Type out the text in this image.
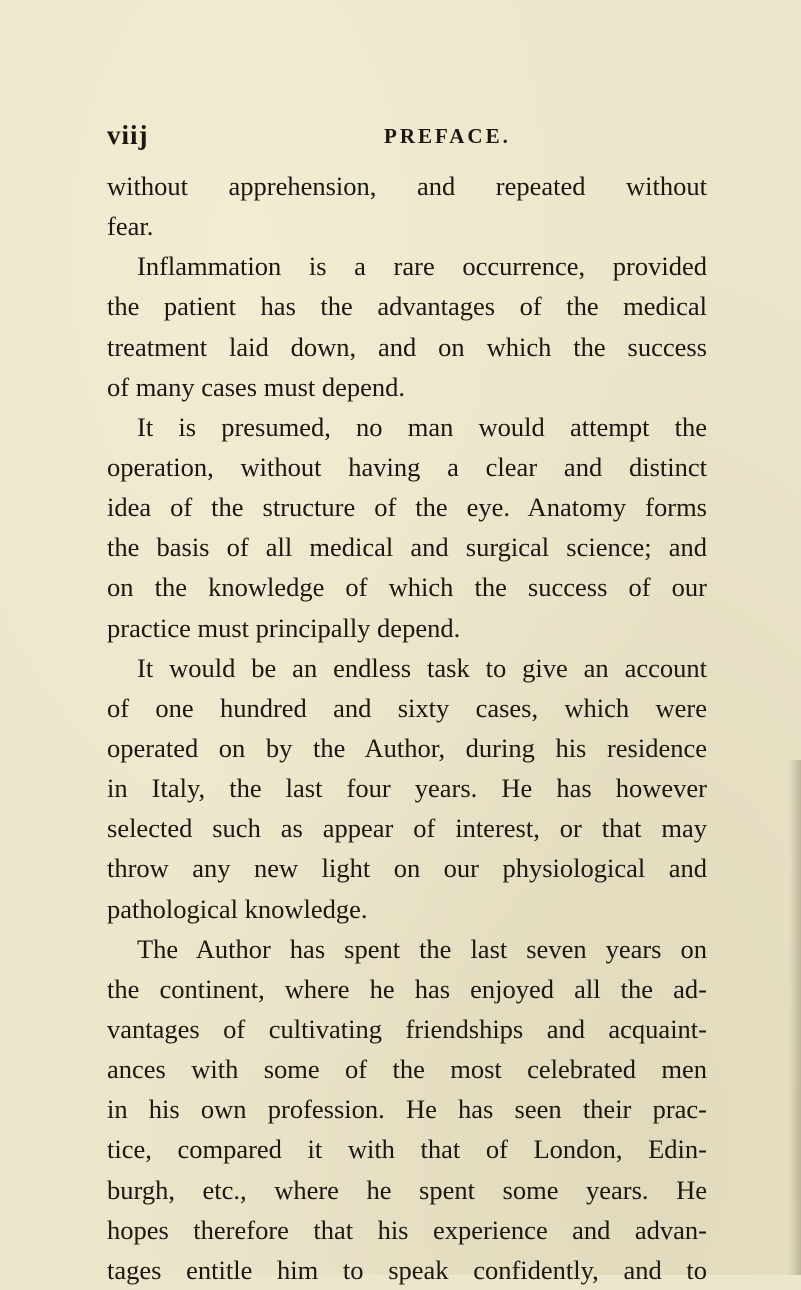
viij	PREFACE.
without apprehension, and repeated without
fear.
Inflammation is a rare occurrence, provided
the patient has the advantages of the medical
treatment laid down, and on which the success
of many cases must depend.
It is presumed, no man would attempt the
operation, without having a clear and distinct
idea of the structure of the eye. Anatomy forms
the basis of all medical and surgical science; and
on the knowledge of which the success of our
practice must principally depend.
It would be an endless task to give an account
of one hundred and sixty cases, which were
operated on by the Author, during his residence
in Italy, the last four years. He has however
selected such as appear of interest, or that may
throw any new light on our physiological and
pathological knowledge.
The Author has spent the last seven years on
the continent, where he has enjoyed all the ad-
vantages of cultivating friendships and acquaint-
ances with some of the most celebrated men
in his own profession. He has seen their prac-
tice, compared it with that of London, Edin-
burgh, etc., where he spent some years. He
hopes therefore that his experience and advan-
tages entitle him to speak confidently, and to
